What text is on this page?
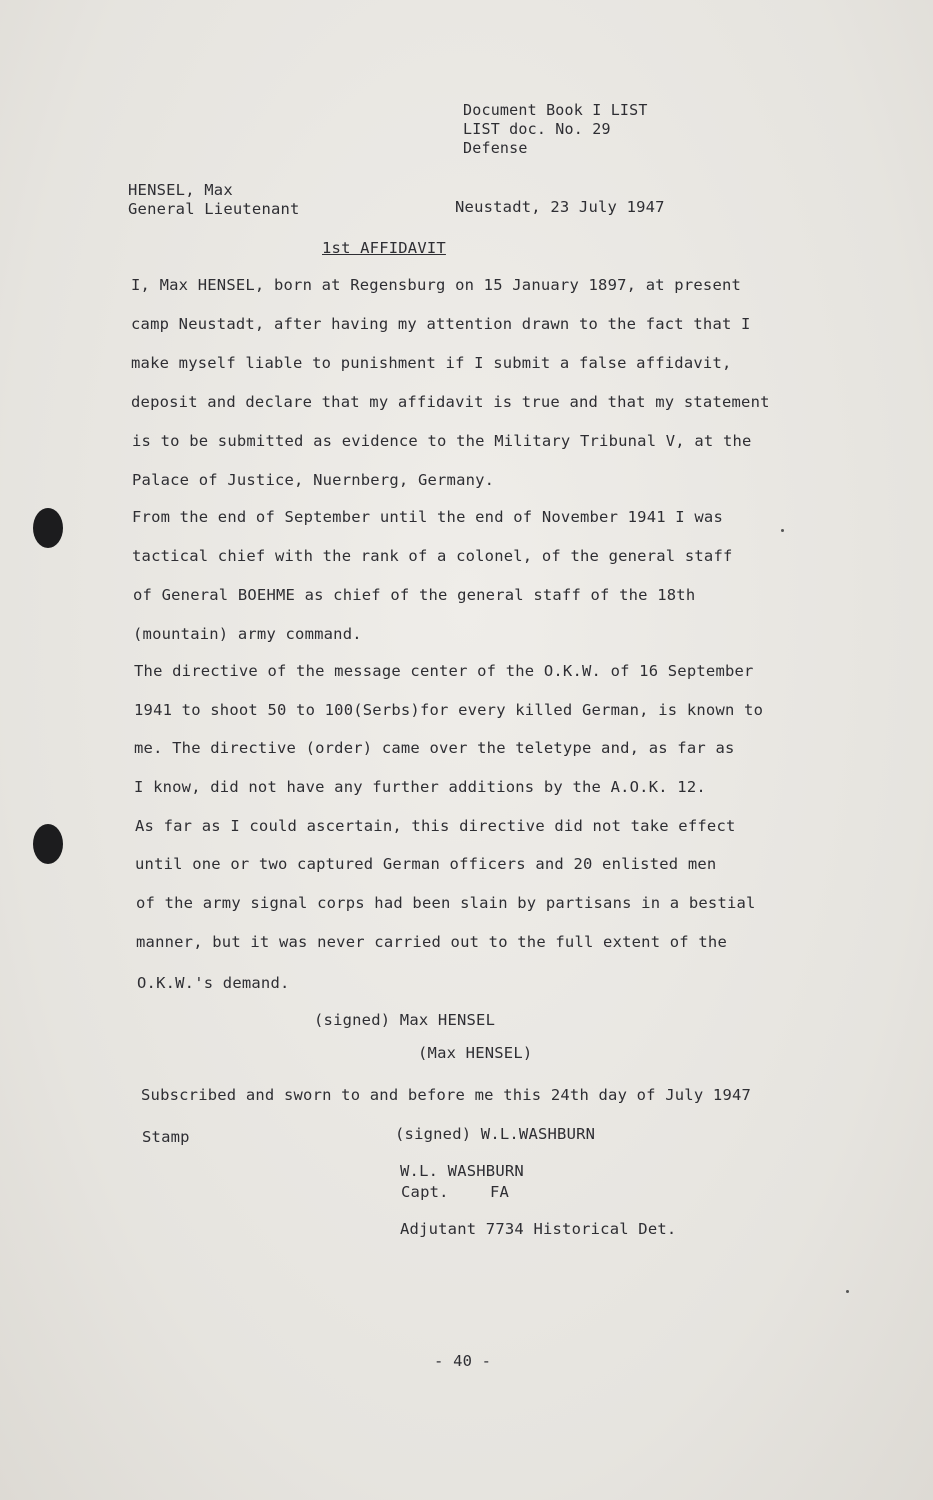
Document Book I LIST
LIST doc. No. 29
Defense
HENSEL, Max
General Lieutenant	Neustadt, 23 July 1947
1st AFFIDAVIT
I, Max HENSEL, born at Regensburg on 15 January 1897, at present
camp Neustadt, after having my attention drawn to the fact that I
make myself liable to punishment if I submit a false affidavit,
deposit and declare that my affidavit is true and that my statement
is to be submitted as evidence to the Military Tribunal V, at the
Palace of Justice, Nuernberg, Germany.
From the end of September until the end of November 1941 I was
tactical chief with the rank of a colonel, of the general staff
of General BOEHME as chief of the general staff of the 18th
(mountain) army command.
The directive of the message center of the O.K.W. of 16 September
1941 to shoot 50 to 100(Serbs)for every killed German, is known to
me. The directive (order) came over the teletype and, as far as
I know, did not have any further additions by the A.O.K. 12.
As far as I could ascertain, this directive did not take effect
until one or two captured German officers and 20 enlisted men
of the army signal corps had been slain by partisans in a bestial
manner, but it was never carried out to the full extent of the
O.K.W.'s demand.
(signed) Max HENSEL
(Max HENSEL)
Subscribed and sworn to and before me this 24th day of July 1947
Stamp	(signed) W.L.WASHBURN
W.L. WASHBURN
Capt.	FA
Adjutant 7734 Historical Det.
- 40 -
